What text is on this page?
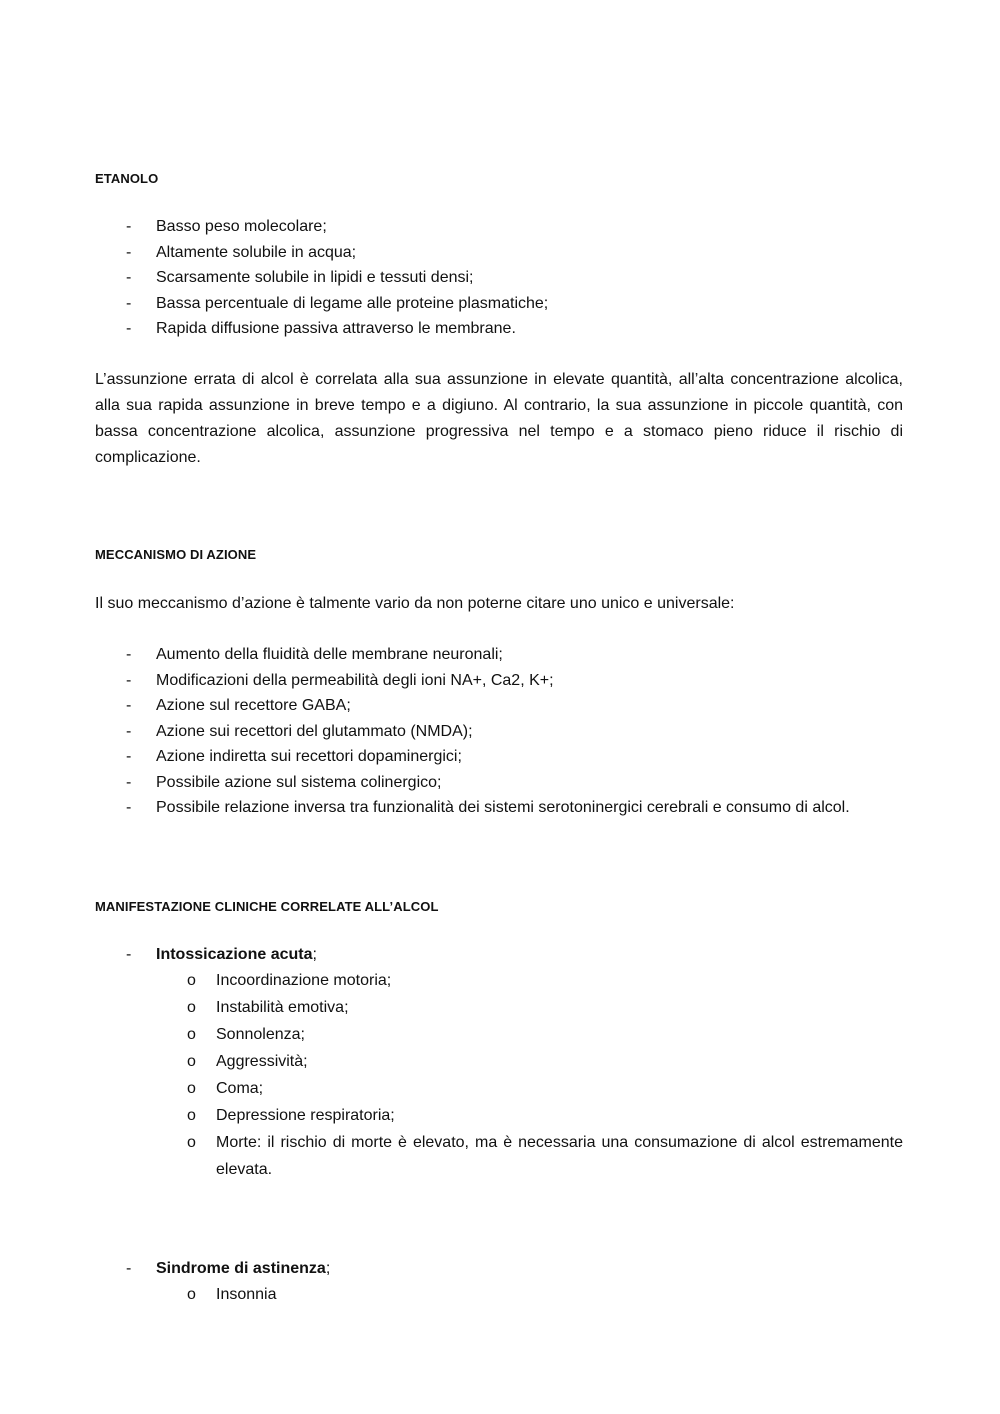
ETANOLO
- Basso peso molecolare;
- Altamente solubile in acqua;
- Scarsamente solubile in lipidi e tessuti densi;
- Bassa percentuale di legame alle proteine plasmatiche;
- Rapida diffusione passiva attraverso le membrane.

L’assunzione errata di alcol è correlata alla sua assunzione in elevate quantità, all’alta concentrazione alcolica, alla sua rapida assunzione in breve tempo e a digiuno. Al contrario, la sua assunzione in piccole quantità, con bassa concentrazione alcolica, assunzione progressiva nel tempo e a stomaco pieno riduce il rischio di complicazione.

MECCANISMO DI AZIONE

Il suo meccanismo d’azione è talmente vario da non poterne citare uno unico e universale:

- Aumento della fluidità delle membrane neuronali;
- Modificazioni della permeabilità degli ioni NA+, Ca2, K+;
- Azione sul recettore GABA;
- Azione sui recettori del glutammato (NMDA);
- Azione indiretta sui recettori dopaminergici;
- Possibile azione sul sistema colinergico;
- Possibile relazione inversa tra funzionalità dei sistemi serotoninergici cerebrali e consumo di alcol.
MANIFESTAZIONE CLINICHE CORRELATE ALL’ALCOL
- Intossicazione acuta;
o Incoordinazione motoria;
o Instabilità emotiva;
o Sonnolenza;
o Aggressività;
o Coma;
o Depressione respiratoria;
o Morte: il rischio di morte è elevato, ma è necessaria una consumazione di alcol estremamente elevata.
- Sindrome di astinenza;
o Insonnia
